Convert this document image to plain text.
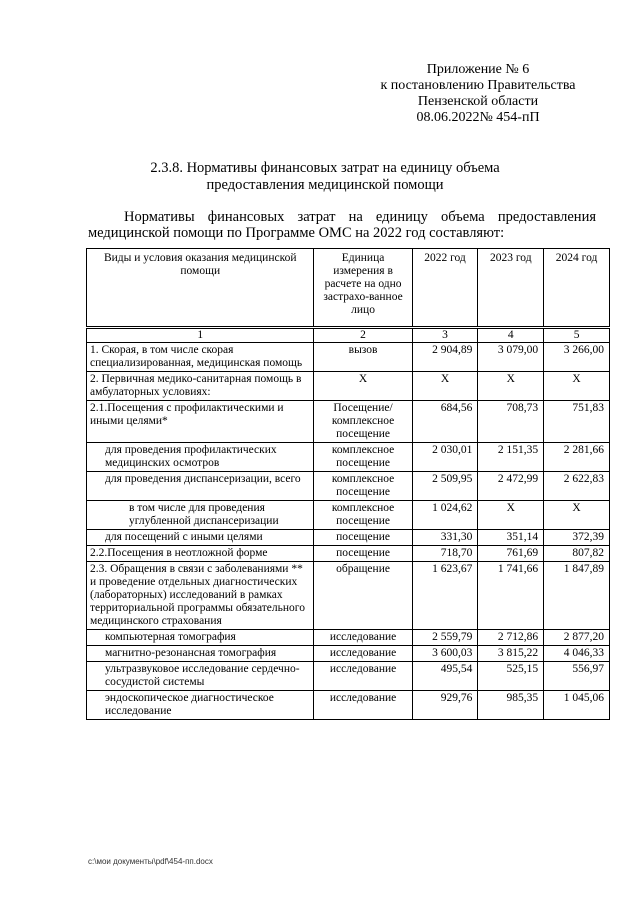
Приложение № 6
к постановлению Правительства
Пензенской области
08.06.2022№ 454-пП
2.3.8. Нормативы финансовых затрат на единицу объема
предоставления медицинской помощи
Нормативы финансовых затрат на единицу объема предоставления
медицинской помощи по Программе ОМС на 2022 год составляют:
Виды и условия оказания медицинской помощи	Единица измерения в расчете на одно застрахо-ванное лицо	2022 год	2023 год	2024 год
1	2	3	4	5
1. Скорая, в том числе скорая специализированная, медицинская помощь	вызов	2 904,89	3 079,00	3 266,00
2. Первичная медико-санитарная помощь в амбулаторных условиях:	Х	Х	Х	Х
2.1.Посещения с профилактическими и иными целями*	Посещение/ комплексное посещение	684,56	708,73	751,83
для проведения профилактических медицинских осмотров	комплексное посещение	2 030,01	2 151,35	2 281,66
для проведения диспансеризации, всего	комплексное посещение	2 509,95	2 472,99	2 622,83
в том числе для проведения углубленной диспансеризации	комплексное посещение	1 024,62	Х	Х
для посещений с иными целями	посещение	331,30	351,14	372,39
2.2.Посещения в неотложной форме	посещение	718,70	761,69	807,82
2.3. Обращения в связи с заболеваниями ** и проведение отдельных диагностических (лабораторных) исследований в рамках территориальной программы обязательного медицинского страхования	обращение	1 623,67	1 741,66	1 847,89
компьютерная томография	исследование	2 559,79	2 712,86	2 877,20
магнитно-резонансная томография	исследование	3 600,03	3 815,22	4 046,33
ультразвуковое исследование сердечно-сосудистой системы	исследование	495,54	525,15	556,97
эндоскопическое диагностическое исследование	исследование	929,76	985,35	1 045,06
c:\мои документы\pdf\454-пп.docx
